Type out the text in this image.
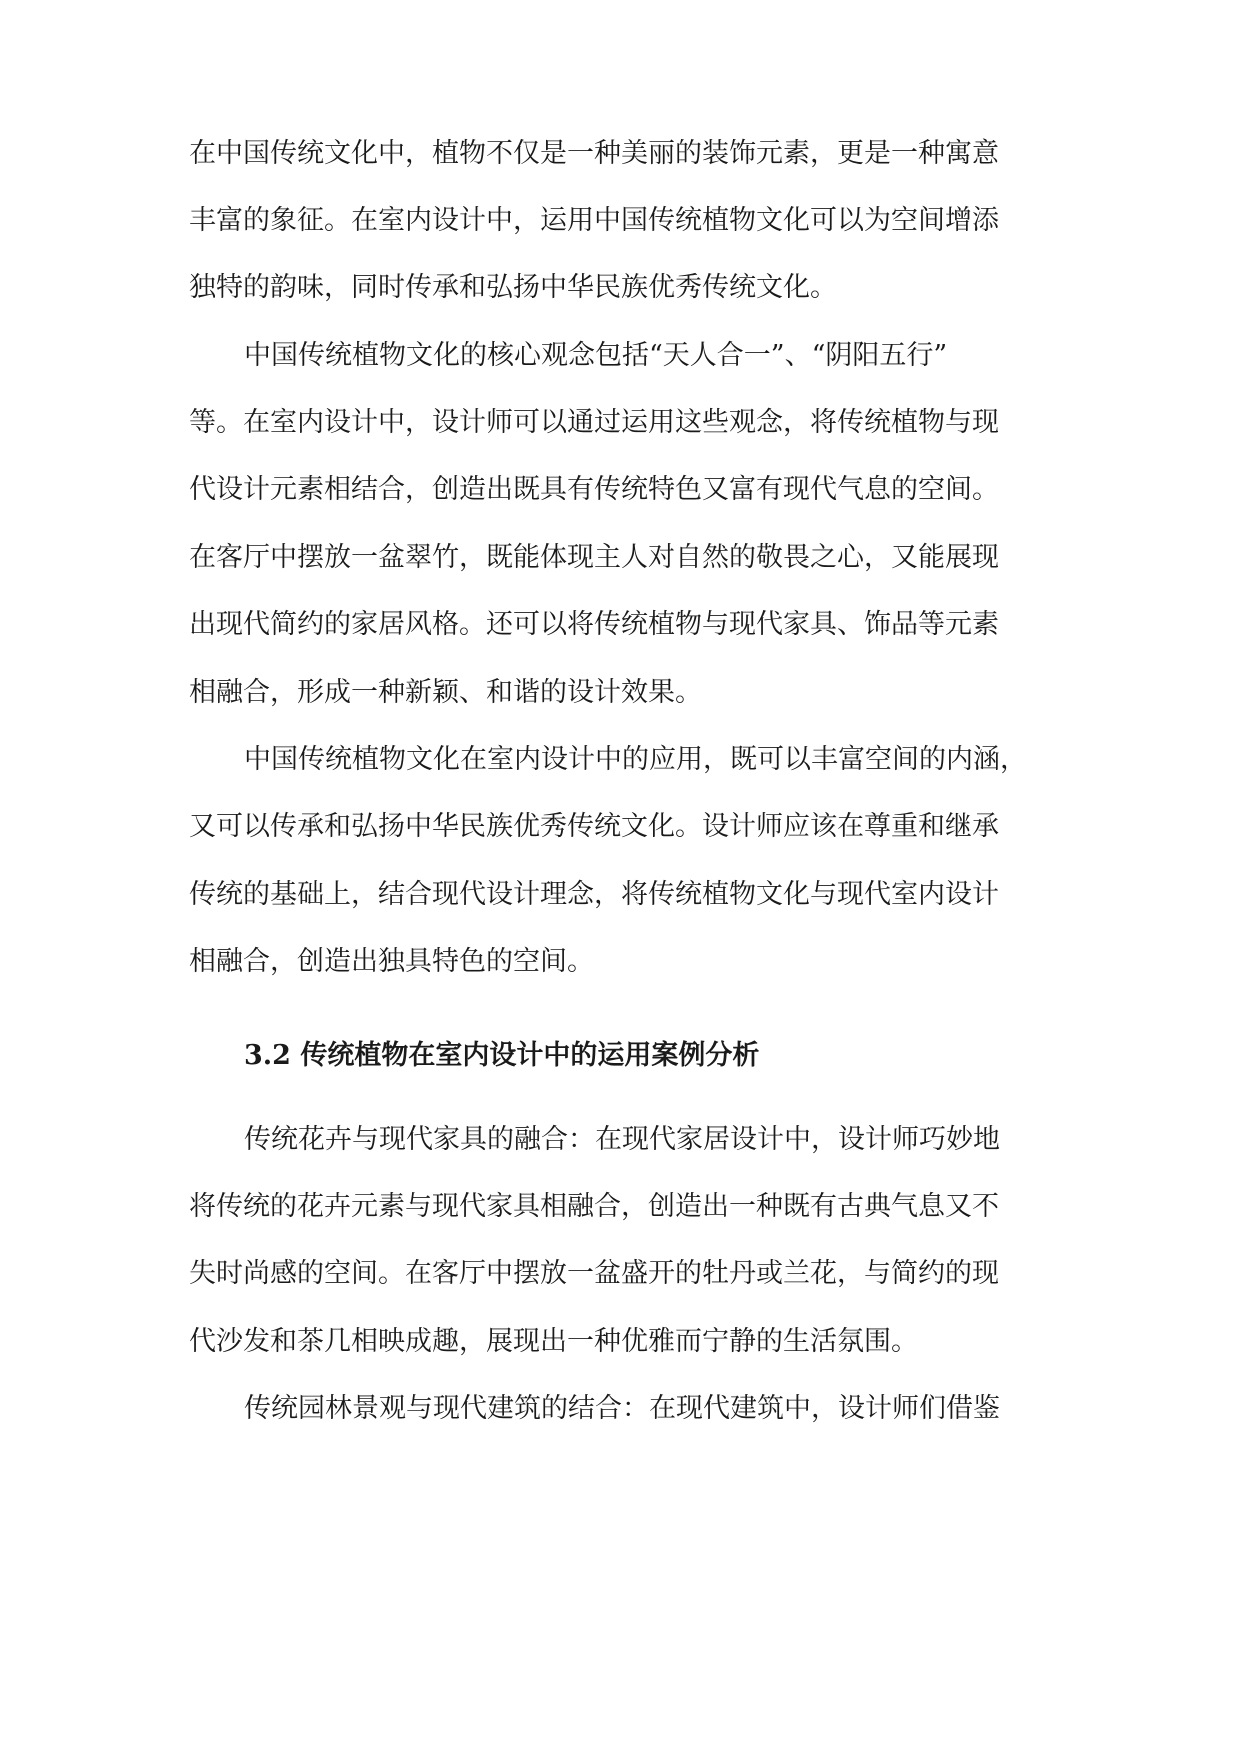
在中国传统文化中，植物不仅是一种美丽的装饰元素，更是一种寓意

丰富的象征。在室内设计中，运用中国传统植物文化可以为空间增添

独特的韵味，同时传承和弘扬中华民族优秀传统文化。

中国传统植物文化的核心观念包括“天人合一”、“阴阳五行”

等。在室内设计中，设计师可以通过运用这些观念，将传统植物与现

代设计元素相结合，创造出既具有传统特色又富有现代气息的空间。

在客厅中摆放一盆翠竹，既能体现主人对自然的敬畏之心，又能展现

出现代简约的家居风格。还可以将传统植物与现代家具、饰品等元素

相融合，形成一种新颖、和谐的设计效果。

中国传统植物文化在室内设计中的应用，既可以丰富空间的内涵，

又可以传承和弘扬中华民族优秀传统文化。设计师应该在尊重和继承

传统的基础上，结合现代设计理念，将传统植物文化与现代室内设计

相融合，创造出独具特色的空间。

3.2 传统植物在室内设计中的运用案例分析

传统花卉与现代家具的融合：在现代家居设计中，设计师巧妙地

将传统的花卉元素与现代家具相融合，创造出一种既有古典气息又不

失时尚感的空间。在客厅中摆放一盆盛开的牡丹或兰花，与简约的现

代沙发和茶几相映成趣，展现出一种优雅而宁静的生活氛围。

传统园林景观与现代建筑的结合：在现代建筑中，设计师们借鉴
